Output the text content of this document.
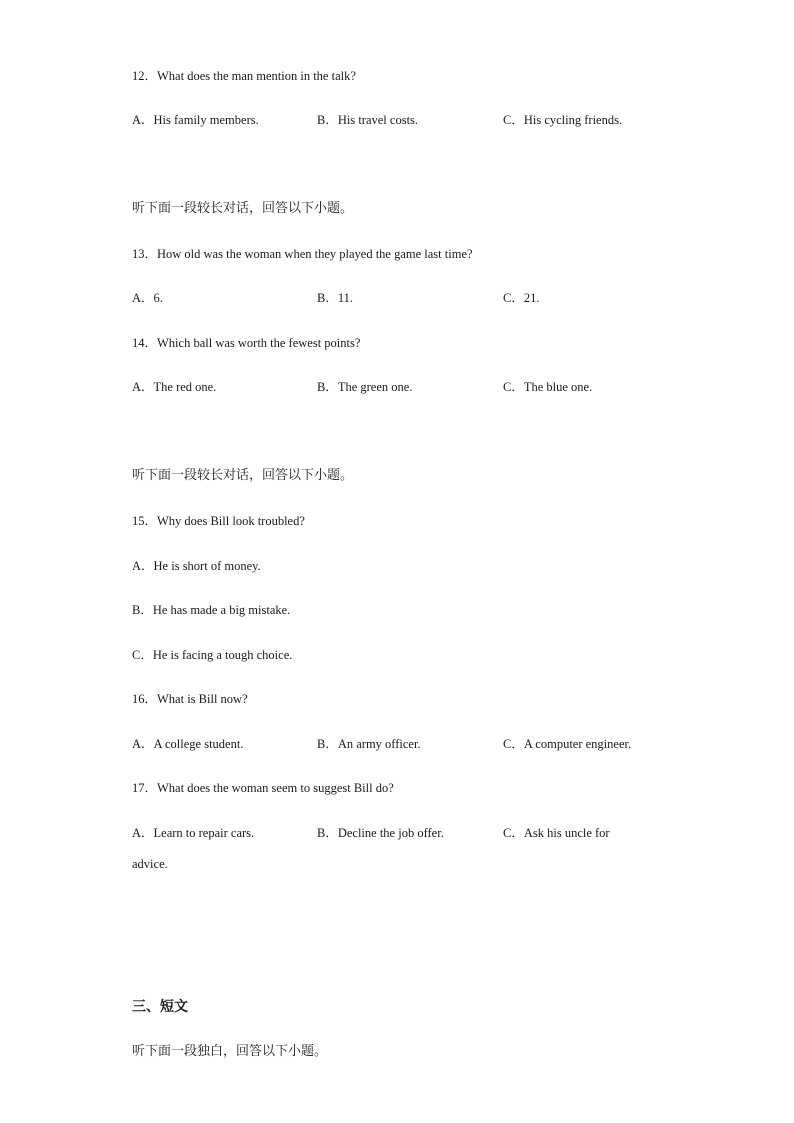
12．What does the man mention in the talk?
A．His family members.	B．His travel costs.	C．His cycling friends.
听下面一段较长对话，回答以下小题。
13．How old was the woman when they played the game last time?
A．6.	B．11.	C．21.
14．Which ball was worth the fewest points?
A．The red one.	B．The green one.	C．The blue one.
听下面一段较长对话，回答以下小题。
15．Why does Bill look troubled?
A．He is short of money.
B．He has made a big mistake.
C．He is facing a tough choice.
16．What is Bill now?
A．A college student.	B．An army officer.	C．A computer engineer.
17．What does the woman seem to suggest Bill do?
A．Learn to repair cars.	B．Decline the job offer.	C．Ask his uncle for
advice.
三、短文
听下面一段独白，回答以下小题。
